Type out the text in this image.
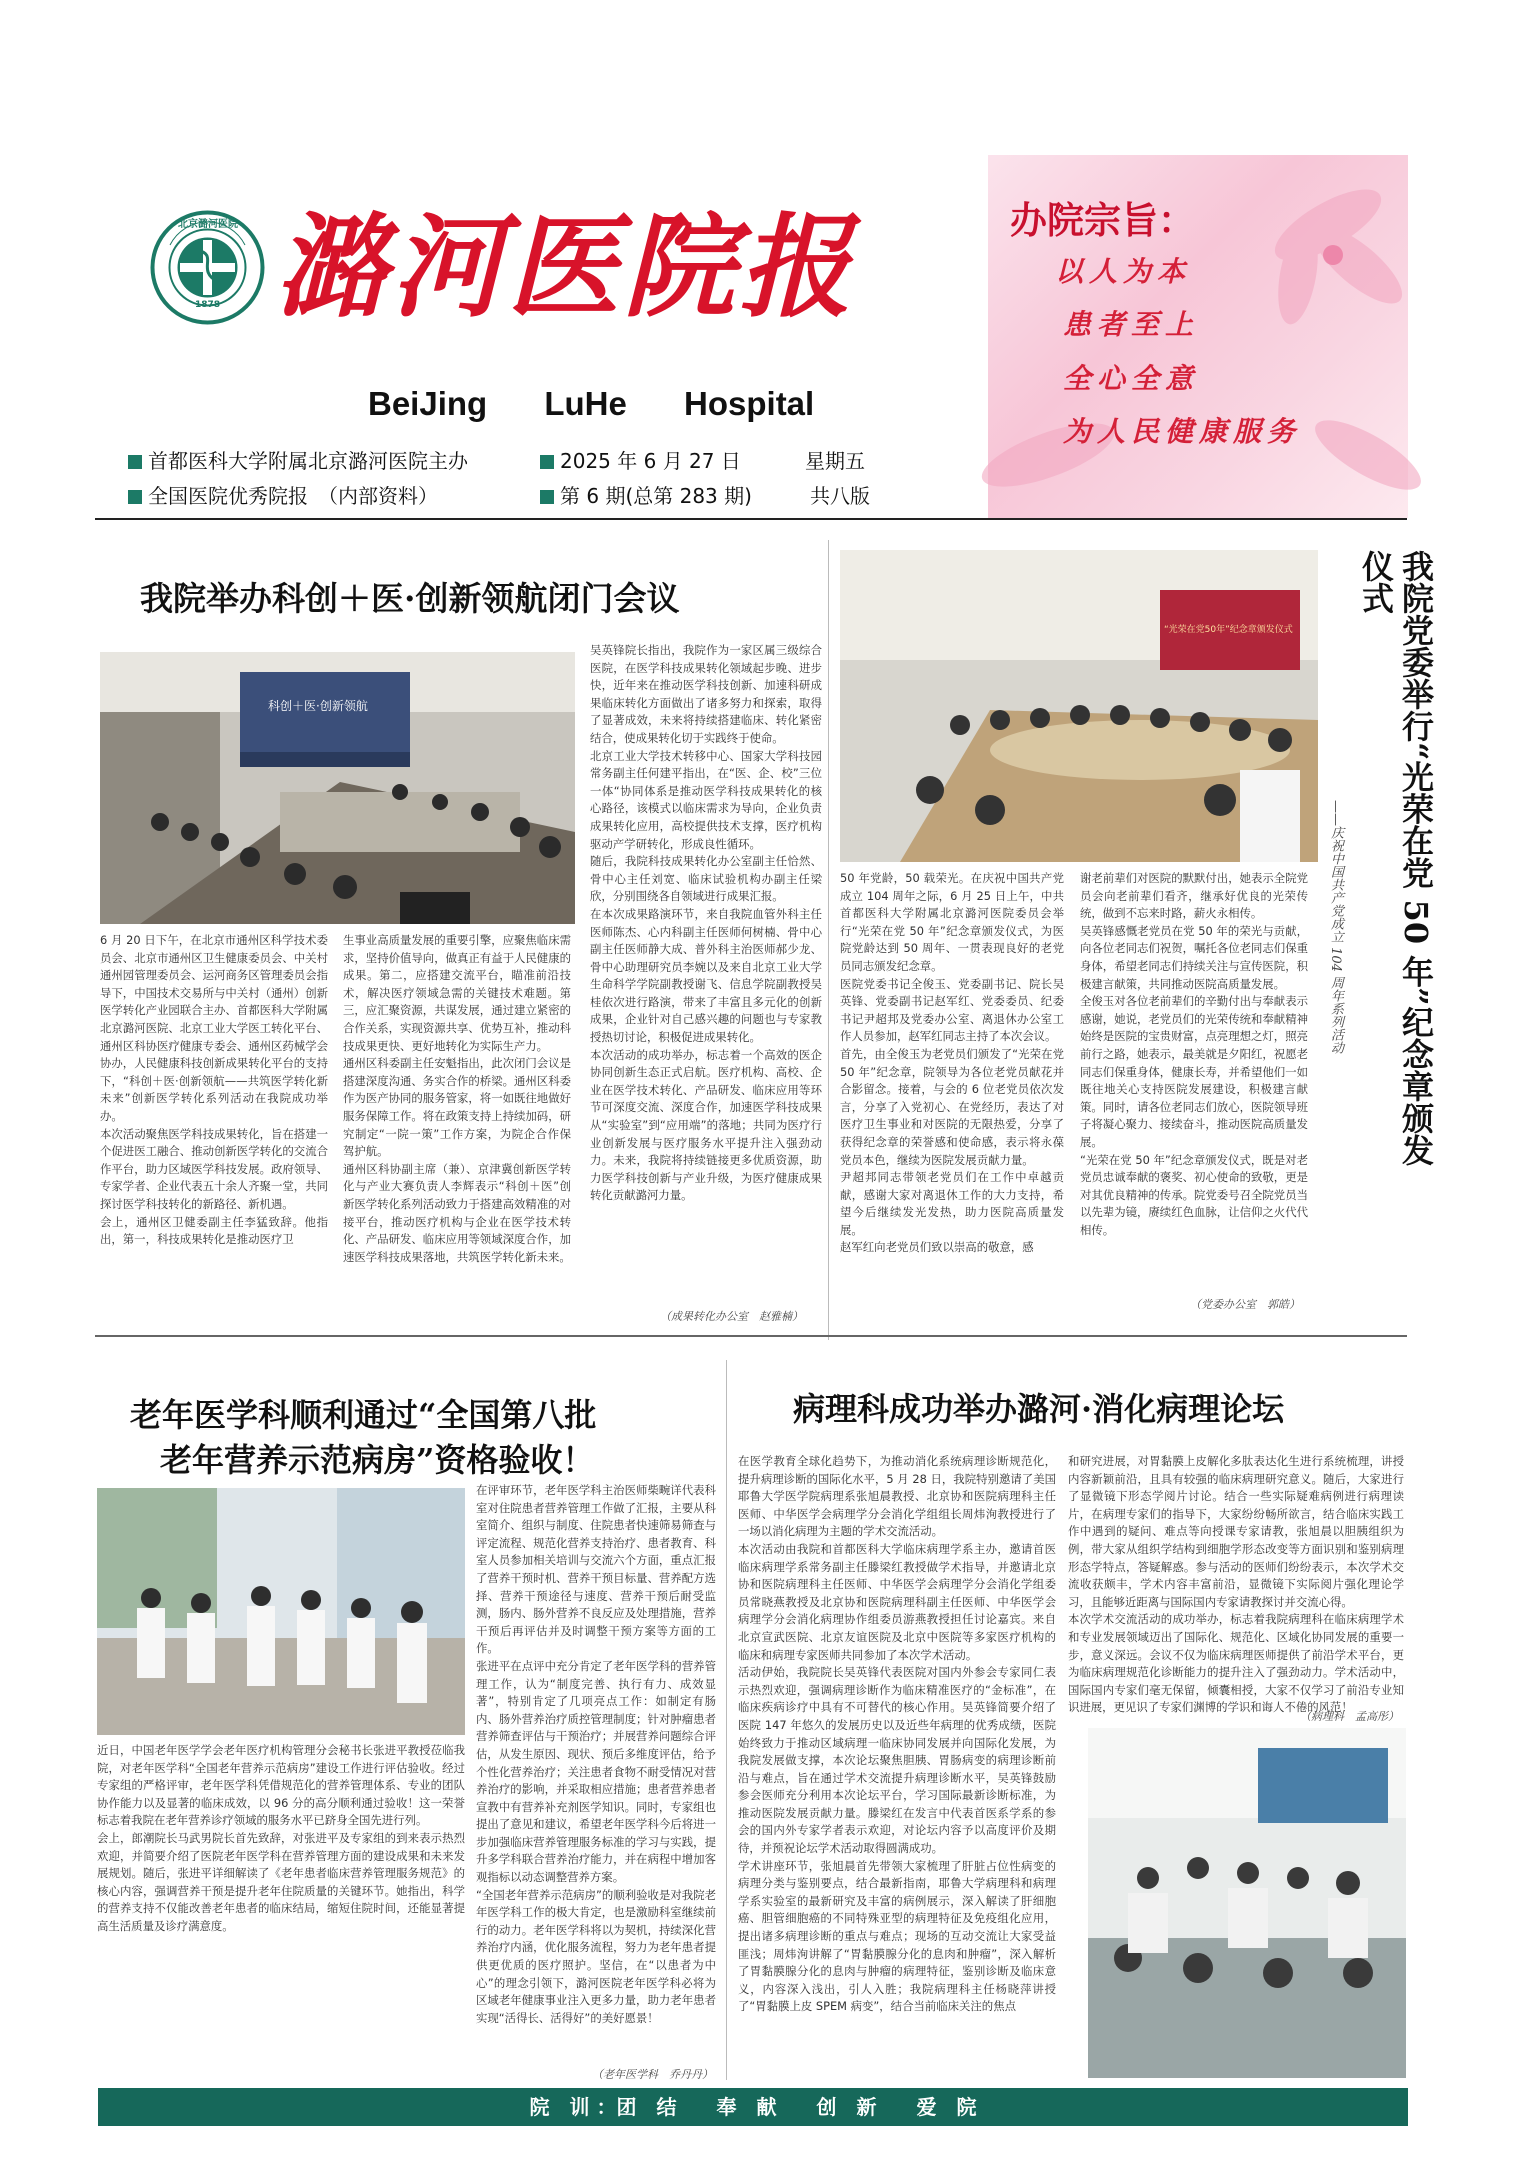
北京潞河医院
1878 潞河医院报
BeiJing LuHe Hospital
首都医科大学附属北京潞河医院主办	2025 年 6 月 27 日	星期五
全国医院优秀院报　（内部资料）	第 6 期(总第 283 期)	共八版
办院宗旨：
以人为本
患者至上
全心全意
为人民健康服务
我院举办科创＋医·创新领航闭门会议
科创＋医·创新领航
6 月 20 日下午，在北京市通州区科学技术委员会、北京市通州区卫生健康委员会、中关村通州园管理委员会、运河商务区管理委员会指导下，中国技术交易所与中关村（通州）创新医学转化产业园联合主办、首都医科大学附属北京潞河医院、北京工业大学医工转化平台、通州区科协医疗健康专委会、通州区药械学会协办，人民健康科技创新成果转化平台的支持下，“科创＋医·创新领航——共筑医学转化新未来”创新医学转化系列活动在我院成功举办。
本次活动聚焦医学科技成果转化，旨在搭建一个促进医工融合、推动创新医学转化的交流合作平台，助力区域医学科技发展。政府领导、专家学者、企业代表五十余人齐聚一堂，共同探讨医学科技转化的新路径、新机遇。
会上，通州区卫健委副主任李猛致辞。他指出，第一，科技成果转化是推动医疗卫
生事业高质量发展的重要引擎，应聚焦临床需求，坚持价值导向，做真正有益于人民健康的成果。第二，应搭建交流平台，瞄准前沿技术，解决医疗领域急需的关键技术难题。第三，应汇聚资源，共谋发展，通过建立紧密的合作关系，实现资源共享、优势互补，推动科技成果更快、更好地转化为实际生产力。
通州区科委副主任安魁指出，此次闭门会议是搭建深度沟通、务实合作的桥梁。通州区科委作为医产协同的服务管家，将一如既往地做好服务保障工作。将在政策支持上持续加码，研究制定“一院一策”工作方案，为院企合作保驾护航。
通州区科协副主席（兼）、京津冀创新医学转化与产业大赛负责人李辉表示“科创＋医”创新医学转化系列活动致力于搭建高效精准的对接平台，推动医疗机构与企业在医学技术转化、产品研发、临床应用等领域深度合作，加速医学科技成果落地，共筑医学转化新未来。
吴英锋院长指出，我院作为一家区属三级综合医院，在医学科技成果转化领域起步晚、进步快，近年来在推动医学科技创新、加速科研成果临床转化方面做出了诸多努力和探索，取得了显著成效，未来将持续搭建临床、转化紧密结合，使成果转化切于实践终于使命。
北京工业大学技术转移中心、国家大学科技园常务副主任何建平指出，在“医、企、校”三位一体“协同体系是推动医学科技成果转化的核心路径，该模式以临床需求为导向，企业负责成果转化应用，高校提供技术支撑，医疗机构驱动产学研转化，形成良性循环。
随后，我院科技成果转化办公室副主任恰然、骨中心主任刘宽、临床试验机构办副主任梁欣，分别围绕各自领域进行成果汇报。
在本次成果路演环节，来自我院血管外科主任医师陈杰、心内科副主任医师何树楠、骨中心副主任医师静大成、普外科主治医师郝少龙、骨中心助理研究员李婉以及来自北京工业大学生命科学学院副教授谢飞、信息学院副教授吴桂依次进行路演，带来了丰富且多元化的创新成果，企业针对自己感兴趣的问题也与专家教授热切讨论，积极促进成果转化。
本次活动的成功举办，标志着一个高效的医企协同创新生态正式启航。医疗机构、高校、企业在医学技术转化、产品研发、临床应用等环节可深度交流、深度合作，加速医学科技成果从“实验室”到“应用端”的落地；共同为医疗行业创新发展与医疗服务水平提升注入强劲动力。未来，我院将持续链接更多优质资源，助力医学科技创新与产业升级，为医疗健康成果转化贡献潞河力量。
（成果转化办公室　赵雅楠）
“光荣在党50年”纪念章颁发仪式	我院党委举行“光荣在党 50 年”纪念章颁发仪式
——庆祝中国共产党成立 104 周年系列活动
50 年党龄，50 载荣光。在庆祝中国共产党成立 104 周年之际，6 月 25 日上午，中共首都医科大学附属北京潞河医院委员会举行“光荣在党 50 年”纪念章颁发仪式，为医院党龄达到 50 周年、一贯表现良好的老党员同志颁发纪念章。
医院党委书记全俊玉、党委副书记、院长吴英锋、党委副书记赵军红、党委委员、纪委书记尹超邦及党委办公室、离退休办公室工作人员参加，赵军红同志主持了本次会议。
首先，由全俊玉为老党员们颁发了“光荣在党 50 年”纪念章，院领导为各位老党员献花并合影留念。接着，与会的 6 位老党员依次发言，分享了入党初心、在党经历，表达了对医疗卫生事业和对医院的无限热爱，分享了获得纪念章的荣誉感和使命感，表示将永葆党员本色，继续为医院发展贡献力量。
尹超邦同志带领老党员们在工作中卓越贡献，感谢大家对离退休工作的大力支持，希望今后继续发光发热，助力医院高质量发展。
赵军红向老党员们致以崇高的敬意，感
谢老前辈们对医院的默默付出，她表示全院党员会向老前辈们看齐，继承好优良的光荣传统，做到不忘来时路，薪火永相传。
吴英锋感慨老党员在党 50 年的荣光与贡献，向各位老同志们祝贺，嘱托各位老同志们保重身体，希望老同志们持续关注与宣传医院，积极建言献策，共同推动医院高质量发展。
全俊玉对各位老前辈们的辛勤付出与奉献表示感谢，她说，老党员们的光荣传统和奉献精神始终是医院的宝贵财富，点亮理想之灯，照亮前行之路，她表示，最美就是夕阳红，祝愿老同志们保重身体，健康长寿，并希望他们一如既往地关心支持医院发展建设，积极建言献策。同时，请各位老同志们放心，医院领导班子将凝心聚力、接续奋斗，推动医院高质量发展。
“光荣在党 50 年”纪念章颁发仪式，既是对老党员忠诚奉献的褒奖、初心使命的致敬，更是对其优良精神的传承。院党委号召全院党员当以先辈为镜，赓续红色血脉，让信仰之火代代相传。
（党委办公室　郭皓）
老年医学科顺利通过“全国第八批
老年营养示范病房”资格验收！
近日，中国老年医学学会老年医疗机构管理分会秘书长张进平教授莅临我院，对老年医学科“全国老年营养示范病房”建设工作进行评估验收。经过专家组的严格评审，老年医学科凭借规范化的营养管理体系、专业的团队协作能力以及显著的临床成效，以 96 分的高分顺利通过验收！这一荣誉标志着我院在老年营养诊疗领域的服务水平已跻身全国先进行列。
会上，郎潮院长马武男院长首先致辞，对张进平及专家组的到来表示热烈欢迎，并简要介绍了医院老年医学科在营养管理方面的建设成果和未来发展规划。随后，张进平详细解读了《老年患者临床营养管理服务规范》的核心内容，强调营养干预是提升老年住院质量的关键环节。她指出，科学的营养支持不仅能改善老年患者的临床结局，缩短住院时间，还能显著提高生活质量及诊疗满意度。
在评审环节，老年医学科主治医师柴畹详代表科室对住院患者营养管理工作做了汇报，主要从科室简介、组织与制度、住院患者快速筛易筛查与评定流程、规范化营养支持治疗、患者教育、科室人员参加相关培训与交流六个方面，重点汇报了营养干预时机、营养干预目标量、营养配方选择、营养干预途径与速度、营养干预后耐受监测，肠内、肠外营养不良反应及处理措施，营养干预后再评估并及时调整干预方案等方面的工作。
张进平在点评中充分肯定了老年医学科的营养管理工作，认为“制度完善、执行有力、成效显著”，特别肯定了几项亮点工作：如制定有肠内、肠外营养治疗质控管理制度；针对肿瘤患者营养筛查评估与干预治疗；并展营养问题综合评估，从发生原因、现状、预后多维度评估，给予个性化营养治疗；关注患者食物不耐受情况对营养治疗的影响，并采取相应措施；患者营养患者宣教中有营养补充剂医学知识。同时，专家组也提出了意见和建议，希望老年医学科今后将进一步加强临床营养管理服务标准的学习与实践，提升多学科联合营养治疗能力，并在病程中增加客观指标以动态调整营养方案。
“全国老年营养示范病房”的顺利验收是对我院老年医学科工作的极大肯定，也是激励科室继续前行的动力。老年医学科将以为契机，持续深化营养治疗内涵，优化服务流程，努力为老年患者提供更优质的医疗照护。坚信，在“以患者为中心”的理念引领下，潞河医院老年医学科必将为区域老年健康事业注入更多力量，助力老年患者实现“活得长、活得好”的美好愿景！
（老年医学科　乔丹丹）
病理科成功举办潞河·消化病理论坛
在医学教育全球化趋势下，为推动消化系统病理诊断规范化，提升病理诊断的国际化水平，5 月 28 日，我院特别邀请了美国耶鲁大学医学院病理系张旭晨教授、北京协和医院病理科主任医师、中华医学会病理学分会消化学组组长周炜洵教授进行了一场以消化病理为主题的学术交流活动。
本次活动由我院和首都医科大学临床病理学系主办，邀请首医临床病理学系常务副主任滕梁红教授做学术指导，并邀请北京协和医院病理科主任医师、中华医学会病理学分会消化学组委员常晓燕教授及北京协和医院病理科副主任医师、中华医学会病理学分会消化病理协作组委员游燕教授担任讨论嘉宾。来自北京宣武医院、北京友谊医院及北京中医院等多家医疗机构的临床和病理专家医师共同参加了本次学术活动。
活动伊始，我院院长吴英锋代表医院对国内外参会专家同仁表示热烈欢迎，强调病理诊断作为临床精准医疗的“金标准”，在临床疾病诊疗中具有不可替代的核心作用。吴英锋简要介绍了医院 147 年悠久的发展历史以及近些年病理的优秀成绩，医院始终致力于推动区域病理一临床协同发展并向国际化发展，为我院发展做支撑，本次论坛聚焦胆胰、胃肠病变的病理诊断前沿与难点，旨在通过学术交流提升病理诊断水平，吴英锋鼓励参会医师充分利用本次论坛平台，学习国际最新诊断标准，为推动医院发展贡献力量。滕梁红在发言中代表首医系学系的参会的国内外专家学者表示欢迎，对论坛内容予以高度评价及期待，并预祝论坛学术活动取得圆满成功。
学术讲座环节，张旭晨首先带领大家梳理了肝脏占位性病变的病理分类与鉴别要点，结合最新指南，耶鲁大学病理科和病理学系实验室的最新研究及丰富的病例展示，深入解读了肝细胞癌、胆管细胞癌的不同特殊亚型的病理特征及免疫组化应用，提出诸多病理诊断的重点与难点；现场的互动交流让大家受益匪浅；周炜洵讲解了“胃黏膜腺分化的息肉和肿瘤”，深入解析了胃黏膜腺分化的息肉与肿瘤的病理特征，鉴别诊断及临床意义，内容深入浅出，引人入胜；我院病理科主任杨晓萍讲授了“胃黏膜上皮 SPEM 病变”，结合当前临床关注的焦点
和研究进展，对胃黏膜上皮解化多肽表达化生进行系统梳理，讲授内容新颖前沿，且具有较强的临床病理研究意义。随后，大家进行了显微镜下形态学阅片讨论。结合一些实际疑难病例进行病理读片，在病理专家们的指导下，大家纷纷畅所欲言，结合临床实践工作中遇到的疑问、难点等向授课专家请教，张旭晨以胆胰组织为例，带大家从组织学结构到细胞学形态改变等方面识别和鉴别病理形态学特点，答疑解惑。参与活动的医师们纷纷表示，本次学术交流收获颇丰，学术内容丰富前沿，显微镜下实际阅片强化理论学习，且能够近距离与国际国内专家请教探讨并交流心得。
本次学术交流活动的成功举办，标志着我院病理科在临床病理学术和专业发展领域迈出了国际化、规范化、区域化协同发展的重要一步，意义深远。会议不仅为临床病理医师提供了前沿学术平台，更为临床病理规范化诊断能力的提升注入了强劲动力。学术活动中，国际国内专家们毫无保留，倾囊相授，大家不仅学习了前沿专业知识进展，更见识了专家们渊博的学识和诲人不倦的风范！
（病理科　孟高彤）
院　训 ：团　结　　奉　献　　创　新　　爱　院
